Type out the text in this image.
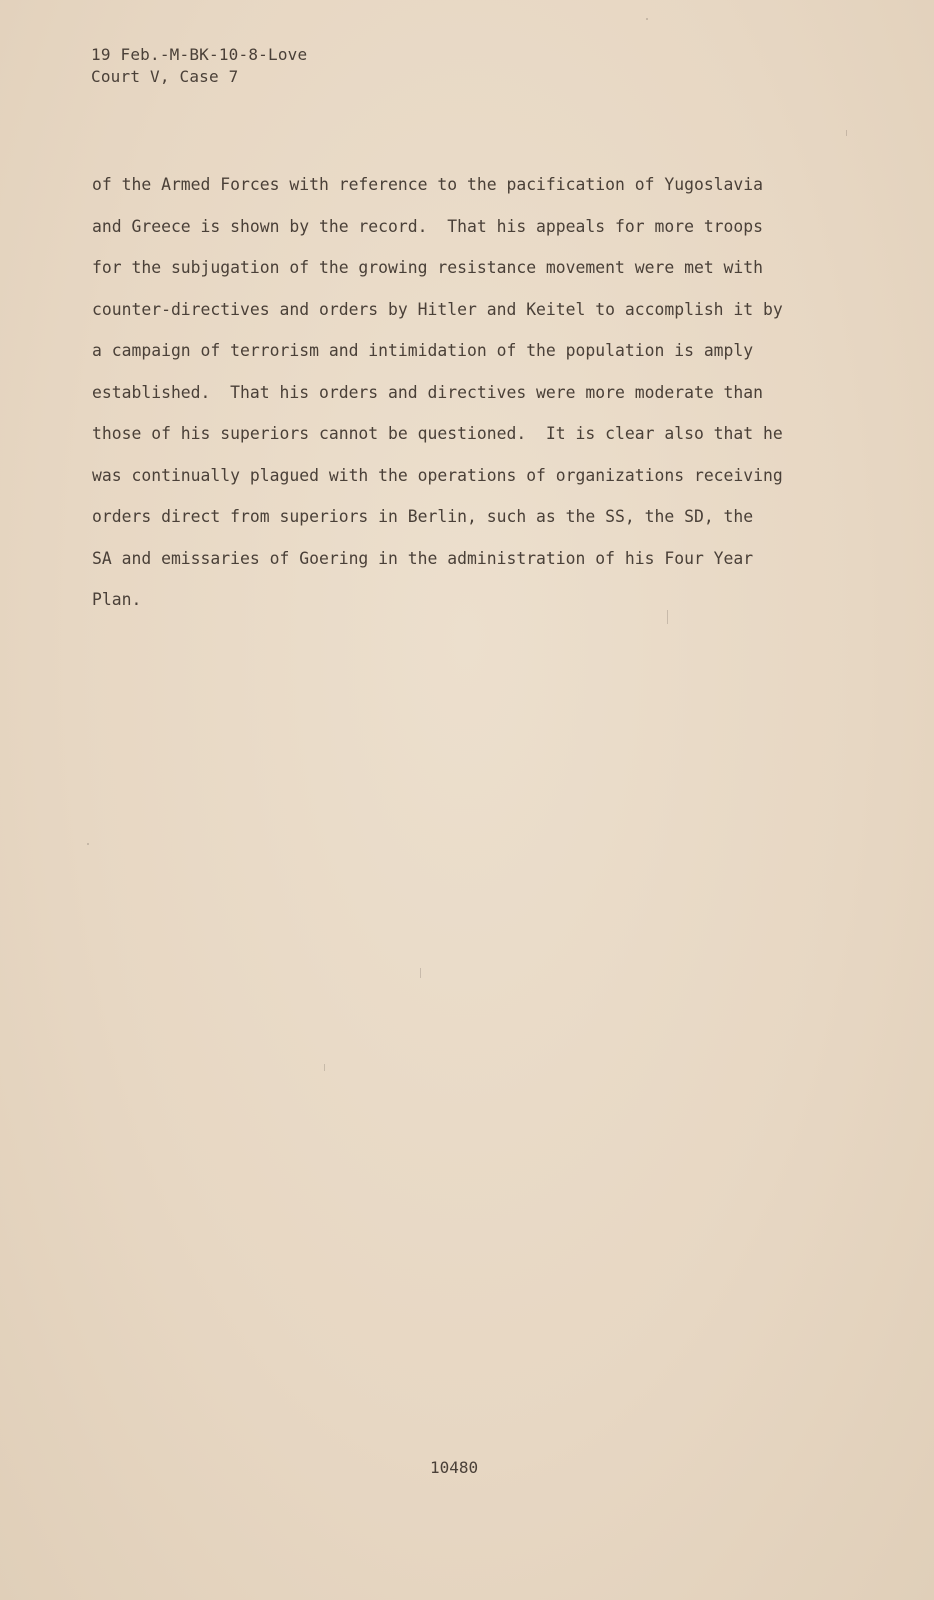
19 Feb.-M-BK-10-8-Love
Court V, Case 7
of the Armed Forces with reference to the pacification of Yugoslavia
and Greece is shown by the record.  That his appeals for more troops
for the subjugation of the growing resistance movement were met with
counter-directives and orders by Hitler and Keitel to accomplish it by
a campaign of terrorism and intimidation of the population is amply
established.  That his orders and directives were more moderate than
those of his superiors cannot be questioned.  It is clear also that he
was continually plagued with the operations of organizations receiving
orders direct from superiors in Berlin, such as the SS, the SD, the
SA and emissaries of Goering in the administration of his Four Year
Plan.
10480
